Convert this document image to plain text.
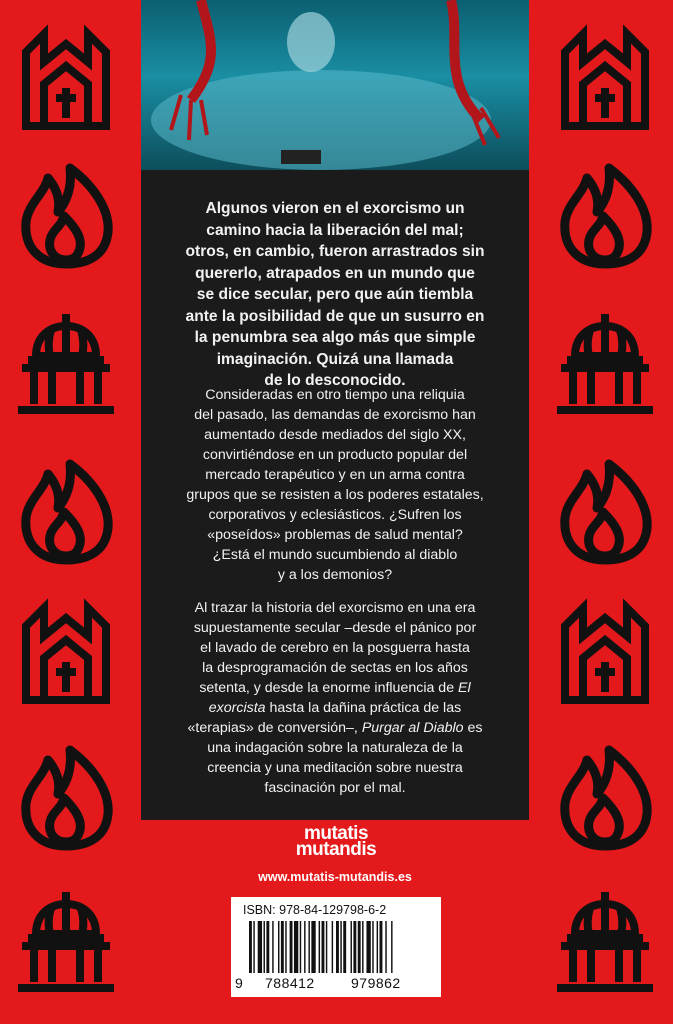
Algunos vieron en el exorcismo un
camino hacia la liberación del mal;
otros, en cambio, fueron arrastrados sin
quererlo, atrapados en un mundo que
se dice secular, pero que aún tiembla
ante la posibilidad de que un susurro en
la penumbra sea algo más que simple
imaginación. Quizá una llamada
de lo desconocido.
Consideradas en otro tiempo una reliquia
del pasado, las demandas de exorcismo han
aumentado desde mediados del siglo XX,
convirtiéndose en un producto popular del
mercado terapéutico y en un arma contra
grupos que se resisten a los poderes estatales,
corporativos y eclesiásticos. ¿Sufren los
«poseídos» problemas de salud mental?
¿Está el mundo sucumbiendo al diablo
y a los demonios?
Al trazar la historia del exorcismo en una era
supuestamente secular –desde el pánico por
el lavado de cerebro en la posguerra hasta
la desprogramación de sectas en los años
setenta, y desde la enorme influencia de El
exorcista hasta la dañina práctica de las
«terapias» de conversión–, Purgar al Diablo es
una indagación sobre la naturaleza de la
creencia y una meditación sobre nuestra
fascinación por el mal.
mutatis
mutandis
www.mutatis-mutandis.es
ISBN: 978-84-129798-6-2
9 788412	979862
